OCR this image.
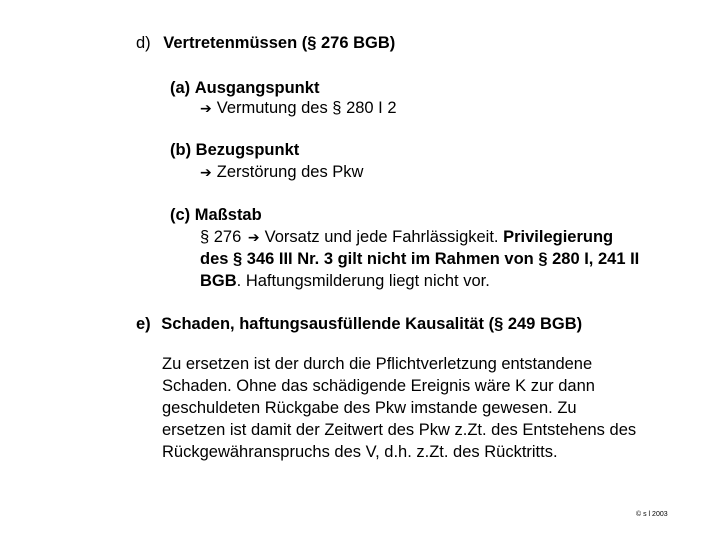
d) Vertretenmüssen (§ 276 BGB)
(a) Ausgangspunkt
➔ Vermutung des § 280 I 2
(b) Bezugspunkt
➔ Zerstörung des Pkw
(c) Maßstab
§ 276 ➔ Vorsatz und jede Fahrlässigkeit. Privilegierung
des § 346 III Nr. 3 gilt nicht im Rahmen von § 280 I, 241 II
BGB. Haftungsmilderung liegt nicht vor.
e) Schaden, haftungsausfüllende Kausalität (§ 249 BGB)
Zu ersetzen ist der durch die Pflichtverletzung entstandene
Schaden. Ohne das schädigende Ereignis wäre K zur dann
geschuldeten Rückgabe des Pkw imstande gewesen. Zu
ersetzen ist damit der Zeitwert des Pkw z.Zt. des Entstehens des
Rückgewähranspruchs des V, d.h. z.Zt. des Rücktritts.
© s l 2003
